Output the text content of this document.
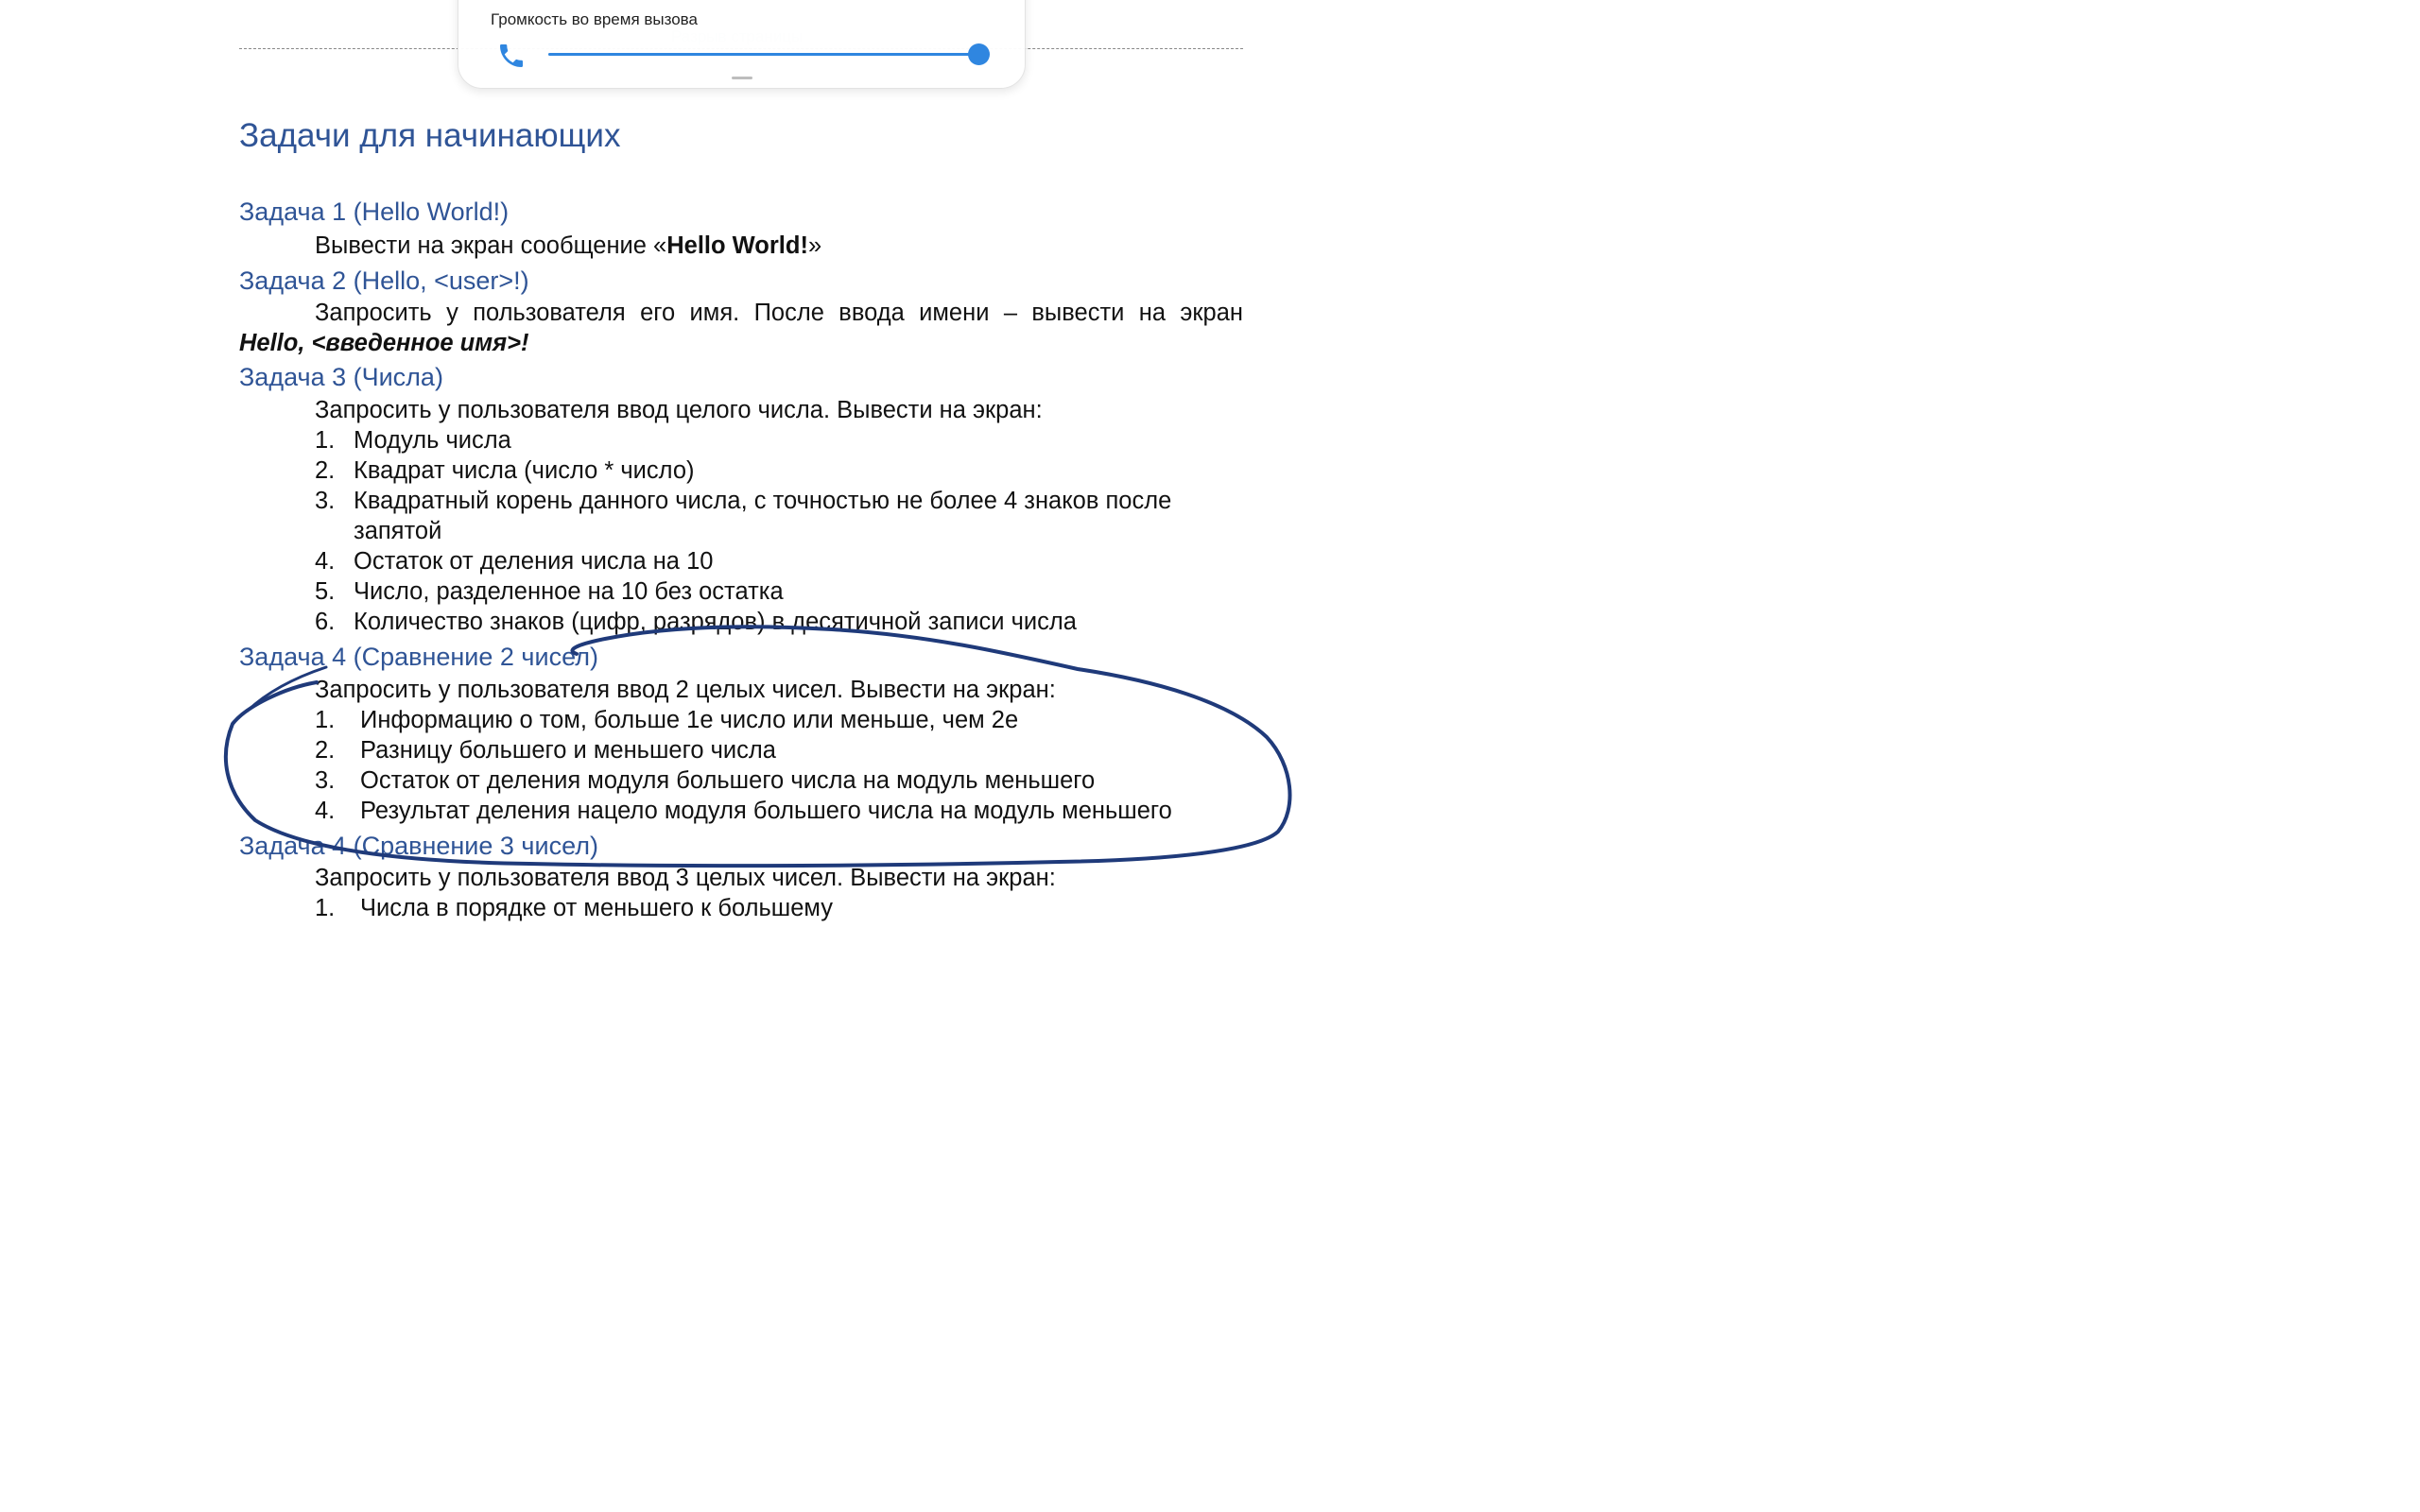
Громкость во время вызова
Задачи для начинающих
Задача 1 (Hello World!)
Вывести на экран сообщение «Hello World!»
Задача 2 (Hello, <user>!)
Запросить у пользователя его имя. После ввода имени – вывести на экран
Hello, <введенное имя>!
Задача 3 (Числа)
Запросить у пользователя ввод целого числа. Вывести на экран:
1. Модуль числа
2. Квадрат числа (число * число)
3. Квадратный корень данного числа, с точностью не более 4 знаков после
запятой
4. Остаток от деления числа на 10
5. Число, разделенное на 10 без остатка
6. Количество знаков (цифр, разрядов) в десятичной записи числа
Задача 4 (Сравнение 2 чисел)
Запросить у пользователя ввод 2 целых чисел. Вывести на экран:
1. Информацию о том, больше 1е число или меньше, чем 2е
2. Разницу большего и меньшего числа
3. Остаток от деления модуля большего числа на модуль меньшего
4. Результат деления нацело модуля большего числа на модуль меньшего
Задача 4 (Сравнение 3 чисел)
Запросить у пользователя ввод 3 целых чисел. Вывести на экран:
1. Числа в порядке от меньшего к большему
